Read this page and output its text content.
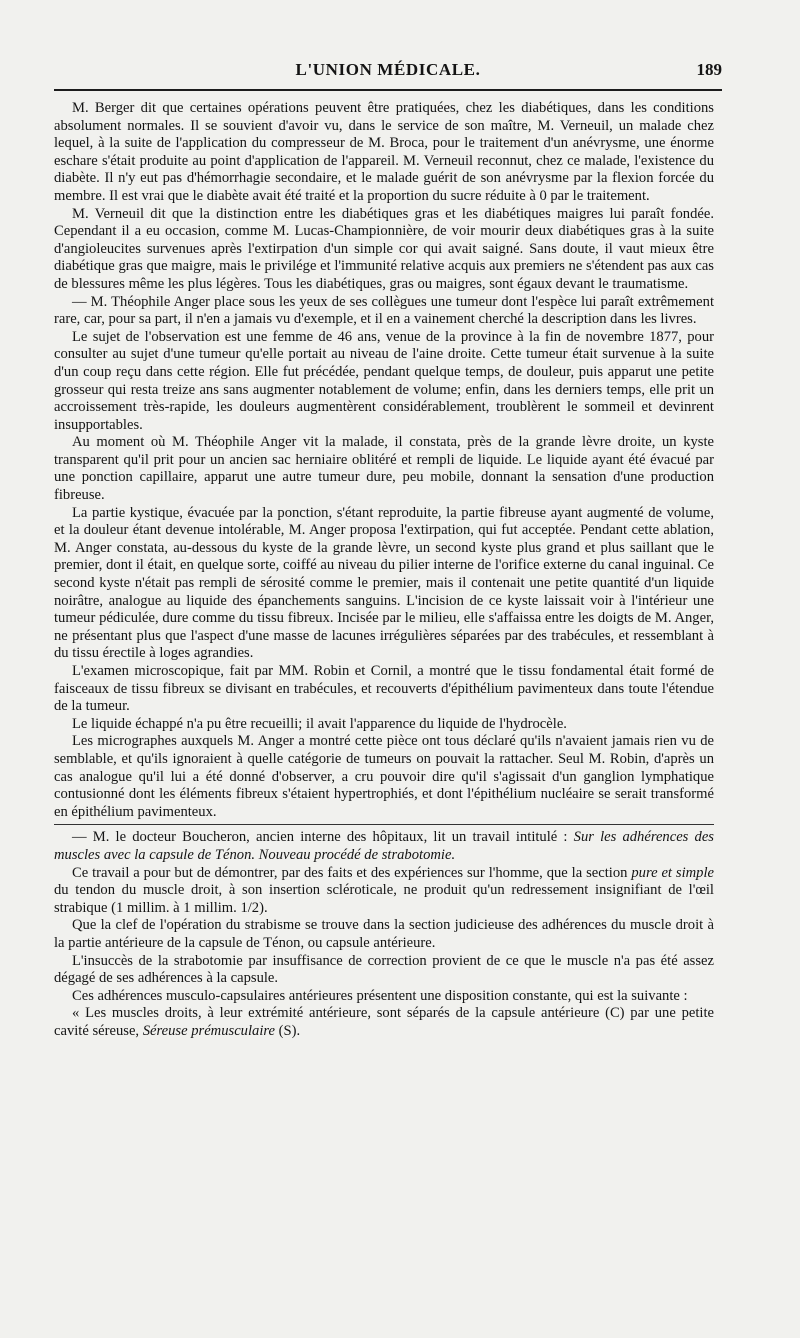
L'UNION MÉDICALE.	189

M. Berger dit que certaines opérations peuvent être pratiquées, chez les diabétiques, dans les conditions absolument normales. Il se souvient d'avoir vu, dans le service de son maître, M. Verneuil, un malade chez lequel, à la suite de l'application du compresseur de M. Broca, pour le traitement d'un anévrysme, une énorme eschare s'était produite au point d'application de l'appareil. M. Verneuil reconnut, chez ce malade, l'existence du diabète. Il n'y eut pas d'hémorrhagie secondaire, et le malade guérit de son anévrysme par la flexion forcée du membre. Il est vrai que le diabète avait été traité et la proportion du sucre réduite à 0 par le traitement.

M. Verneuil dit que la distinction entre les diabétiques gras et les diabétiques maigres lui paraît fondée. Cependant il a eu occasion, comme M. Lucas-Championnière, de voir mourir deux diabétiques gras à la suite d'angioleucites survenues après l'extirpation d'un simple cor qui avait saigné. Sans doute, il vaut mieux être diabétique gras que maigre, mais le privilége et l'immunité relative acquis aux premiers ne s'étendent pas aux cas de blessures même les plus légères. Tous les diabétiques, gras ou maigres, sont égaux devant le traumatisme.

— M. Théophile Anger place sous les yeux de ses collègues une tumeur dont l'espèce lui paraît extrêmement rare, car, pour sa part, il n'en a jamais vu d'exemple, et il en a vainement cherché la description dans les livres.

Le sujet de l'observation est une femme de 46 ans, venue de la province à la fin de novembre 1877, pour consulter au sujet d'une tumeur qu'elle portait au niveau de l'aine droite. Cette tumeur était survenue à la suite d'un coup reçu dans cette région. Elle fut précédée, pendant quelque temps, de douleur, puis apparut une petite grosseur qui resta treize ans sans augmenter notablement de volume; enfin, dans les derniers temps, elle prit un accroissement très-rapide, les douleurs augmentèrent considérablement, troublèrent le sommeil et devinrent insupportables.

Au moment où M. Théophile Anger vit la malade, il constata, près de la grande lèvre droite, un kyste transparent qu'il prit pour un ancien sac herniaire oblitéré et rempli de liquide. Le liquide ayant été évacué par une ponction capillaire, apparut une autre tumeur dure, peu mobile, donnant la sensation d'une production fibreuse.

La partie kystique, évacuée par la ponction, s'étant reproduite, la partie fibreuse ayant augmenté de volume, et la douleur étant devenue intolérable, M. Anger proposa l'extirpation, qui fut acceptée. Pendant cette ablation, M. Anger constata, au-dessous du kyste de la grande lèvre, un second kyste plus grand et plus saillant que le premier, dont il était, en quelque sorte, coiffé au niveau du pilier interne de l'orifice externe du canal inguinal. Ce second kyste n'était pas rempli de sérosité comme le premier, mais il contenait une petite quantité d'un liquide noirâtre, analogue au liquide des épanchements sanguins. L'incision de ce kyste laissait voir à l'intérieur une tumeur pédiculée, dure comme du tissu fibreux. Incisée par le milieu, elle s'affaissa entre les doigts de M. Anger, ne présentant plus que l'aspect d'une masse de lacunes irrégulières séparées par des trabécules, et ressemblant à du tissu érectile à loges agrandies.

L'examen microscopique, fait par MM. Robin et Cornil, a montré que le tissu fondamental était formé de faisceaux de tissu fibreux se divisant en trabécules, et recouverts d'épithélium pavimenteux dans toute l'étendue de la tumeur.

Le liquide échappé n'a pu être recueilli; il avait l'apparence du liquide de l'hydrocèle.

Les micrographes auxquels M. Anger a montré cette pièce ont tous déclaré qu'ils n'avaient jamais rien vu de semblable, et qu'ils ignoraient à quelle catégorie de tumeurs on pouvait la rattacher. Seul M. Robin, d'après un cas analogue qu'il lui a été donné d'observer, a cru pouvoir dire qu'il s'agissait d'un ganglion lymphatique contusionné dont les éléments fibreux s'étaient hypertrophiés, et dont l'épithélium nucléaire se serait transformé en épithélium pavimenteux.

— M. le docteur Boucheron, ancien interne des hôpitaux, lit un travail intitulé : Sur les adhérences des muscles avec la capsule de Ténon. Nouveau procédé de strabotomie.

Ce travail a pour but de démontrer, par des faits et des expériences sur l'homme, que la section pure et simple du tendon du muscle droit, à son insertion scléroticale, ne produit qu'un redressement insignifiant de l'œil strabique (1 millim. à 1 millim. 1/2).

Que la clef de l'opération du strabisme se trouve dans la section judicieuse des adhérences du muscle droit à la partie antérieure de la capsule de Ténon, ou capsule antérieure.

L'insuccès de la strabotomie par insuffisance de correction provient de ce que le muscle n'a pas été assez dégagé de ses adhérences à la capsule.

Ces adhérences musculo-capsulaires antérieures présentent une disposition constante, qui est la suivante :

« Les muscles droits, à leur extrémité antérieure, sont séparés de la capsule antérieure (C) par une petite cavité séreuse, Séreuse prémusculaire (S).
